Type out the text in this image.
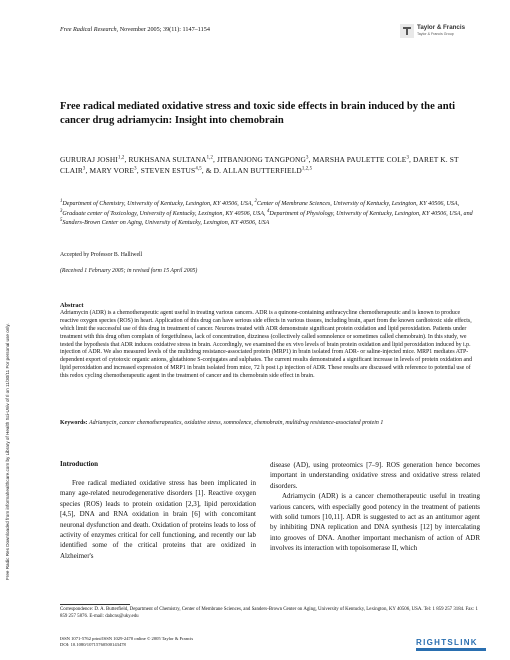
Free Radic Res Downloaded from informahealthcare.com by Library of Health Sci-Univ of Il on 11/30/11 For personal use only.
Free Radical Research, November 2005; 39(11): 1147–1154	Taylor & Francis
Taylor & Francis Group
Free radical mediated oxidative stress and toxic side effects in brain induced by the anti cancer drug adriamycin: Insight into chemobrain
GURURAJ JOSHI$^{1,2}$, RUKHSANA SULTANA$^{1,2}$, JITBANJONG TANGPONG$^3$, MARSHA PAULETTE COLE$^3$, DARET K. ST CLAIR$^3$, MARY VORE$^3$, STEVEN ESTUS$^{4,5}$, & D. ALLAN BUTTERFIELD$^{1,2,5}$
$^1$Department of Chemistry, University of Kentucky, Lexington, KY 40506, USA, $^2$Center of Membrane Sciences, University of Kentucky, Lexington, KY 40506, USA, $^3$Graduate center of Toxicology, University of Kentucky, Lexington, KY 40506, USA, $^4$Department of Physiology, University of Kentucky, Lexington, KY 40506, USA, and $^5$Sanders-Brown Center on Aging, University of Kentucky, Lexington, KY 40506, USA
Accepted by Professor B. Halliwell
(Received 1 February 2005; in revised form 15 April 2005)
Abstract
Adriamycin (ADR) is a chemotherapeutic agent useful in treating various cancers. ADR is a quinone-containing anthracycline chemotherapeutic and is known to produce reactive oxygen species (ROS) in heart. Application of this drug can have serious side effects in various tissues, including brain, apart from the known cardiotoxic side effects, which limit the successful use of this drug in treatment of cancer. Neurons treated with ADR demonstrate significant protein oxidation and lipid peroxidation. Patients under treatment with this drug often complain of forgetfulness, lack of concentration, dizziness (collectively called somnolence or sometimes called chemobrain). In this study, we tested the hypothesis that ADR induces oxidative stress in brain. Accordingly, we examined the ex vivo levels of brain protein oxidation and lipid peroxidation induced by i.p. injection of ADR. We also measured levels of the multidrug resistance-associated protein (MRP1) in brain isolated from ADR- or saline-injected mice. MRP1 mediates ATP-dependent export of cytotoxic organic anions, glutathione S-conjugates and sulphates. The current results demonstrated a significant increase in levels of protein oxidation and lipid peroxidation and increased expression of MRP1 in brain isolated from mice, 72 h post i.p injection of ADR. These results are discussed with reference to potential use of this redox cycling chemotherapeutic agent in the treatment of cancer and its chemobrain side effect in brain.
Keywords: Adriamycin, cancer chemotherapeutics, oxidative stress, somnolence, chemobrain, multidrug resistance-associated protein 1
Introduction

Free radical mediated oxidative stress has been implicated in many age-related neurodegenerative disorders [1]. Reactive oxygen species (ROS) leads to protein oxidation [2,3], lipid peroxidation [4,5], DNA and RNA oxidation in brain [6] with concomitant neuronal dysfunction and death. Oxidation of proteins leads to loss of activity of enzymes critical for cell functioning, and recently our lab identified some of the critical proteins that are oxidized in Alzheimer's

disease (AD), using proteomics [7–9]. ROS generation hence becomes important in understanding oxidative stress and oxidative stress related disorders.

Adriamycin (ADR) is a cancer chemotherapeutic useful in treating various cancers, with especially good potency in the treatment of patients with solid tumors [10,11]. ADR is suggested to act as an antitumor agent by inhibiting DNA replication and DNA synthesis [12] by intercalating into grooves of DNA. Another important mechanism of action of ADR involves its interaction with topoisomerase II, which

Correspondence: D. A. Butterfield, Department of Chemistry, Center of Membrane Sciences, and Sanders-Brown Center on Aging, University of Kentucky, Lexington, KY 40506, USA. Tel: 1 859 257 3184. Fax: 1 859 257 5876. E-mail: dabcns@uky.edu
ISSN 1071-5762 print/ISSN 1029-2470 online © 2005 Taylor & Francis
DOI: 10.1080/10715760500143478	RIGHTSLINK
